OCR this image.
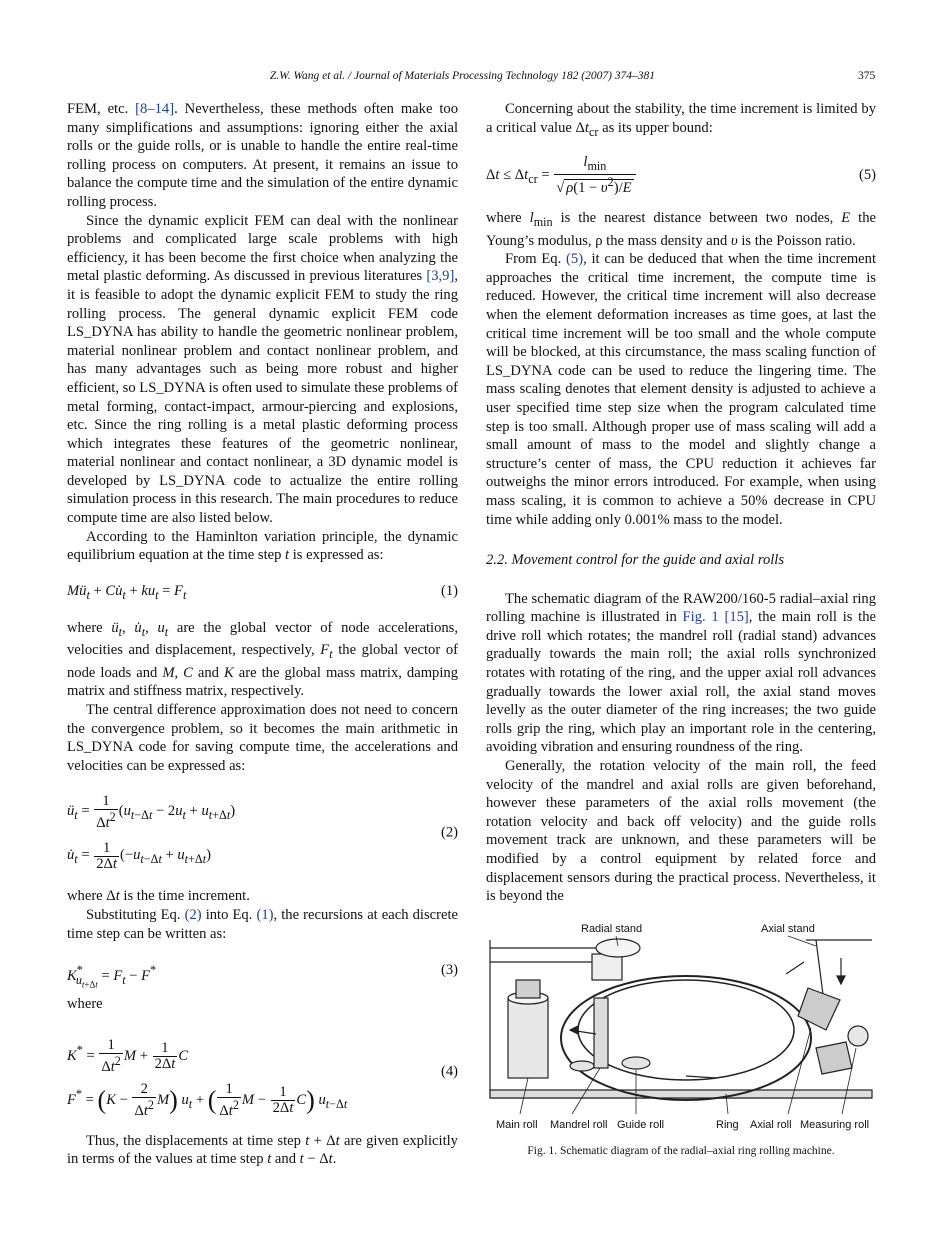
Z.W. Wang et al. / Journal of Materials Processing Technology 182 (2007) 374–381	375

FEM, etc. [8–14]. Nevertheless, these methods often make too many simplifications and assumptions: ignoring either the axial rolls or the guide rolls, or is unable to handle the entire real-time rolling process on computers. At present, it remains an issue to balance the compute time and the simulation of the entire dynamic rolling process.

Since the dynamic explicit FEM can deal with the nonlinear problems and complicated large scale problems with high efficiency, it has been become the first choice when analyzing the metal plastic deforming. As discussed in previous literatures [3,9], it is feasible to adopt the dynamic explicit FEM to study the ring rolling process. The general dynamic explicit FEM code LS_DYNA has ability to handle the geometric nonlinear problem, material nonlinear problem and contact nonlinear problem, and has many advantages such as being more robust and higher efficient, so LS_DYNA is often used to simulate these problems of metal forming, contact-impact, armour-piercing and explosions, etc. Since the ring rolling is a metal plastic deforming process which integrates these features of the geometric nonlinear, material nonlinear and contact nonlinear, a 3D dynamic model is developed by LS_DYNA code to actualize the entire rolling simulation process in this research. The main procedures to reduce compute time are also listed below.

According to the Haminlton variation principle, the dynamic equilibrium equation at the time step t is expressed as:

$Mü_t$ + $Cu̇_t + ku_t = F_t$	(1)

where $ü_t$, $u̇_t$, $u_t$ are the global vector of node accelerations, velocities and displacement, respectively, $F_t$ the global vector of node loads and M, C and K are the global mass matrix, damping matrix and stiffness matrix, respectively.

The central difference approximation does not need to concern the convergence problem, so it becomes the main arithmetic in LS_DYNA code for saving compute time, the accelerations and velocities can be expressed as:

$ü_t = \frac{1}{\Delta t^2} (u_{t-\Delta t} - 2u_t + u_{t+\Delta t})$
$u̇_t = \frac{1}{2\Delta t} (-u_{t-\Delta t} + u_{t+\Delta t})$
(2)

where Δt is the time increment.

Substituting Eq. (2) into Eq. (1), the recursions at each discrete time step can be written as:

$K^*_{u_{t+\Delta t}} = F_t - F^*$	(3)

where

$K^* = \frac{1}{\Delta t^2}$ $M + \frac{1}{2\Delta t}$ C
$F^* = (K - \frac{2}{\Delta t^2} M)$ $u_t$ + ( $\frac{1}{\Delta t^2}$ $M - \frac{1}{2\Delta t} C$) $u_{t-\Delta t}$
(4)

Thus, the displacements at time step t + Δt are given explicitly in terms of the values at time step t and t − Δt.

Concerning about the stability, the time increment is limited by a critical value $\Delta t_{cr}$ as its upper bound:

$\Delta t \le \Delta t_{cr} = \frac{l_{min}}{√ \rho(1 - \upsilon^2)/E}$	(5)

where $l_{min}$ is the nearest distance between two nodes, E the Young’s modulus, ρ the mass density and υ is the Poisson ratio.

From Eq. (5), it can be deduced that when the time increment approaches the critical time increment, the compute time is reduced. However, the critical time increment will also decrease when the element deformation increases as time goes, at last the critical time increment will be too small and the whole compute will be blocked, at this circumstance, the mass scaling function of LS_DYNA code can be used to reduce the lingering time. The mass scaling denotes that element density is adjusted to achieve a user specified time step size when the program calculated time step is too small. Although proper use of mass scaling will add a small amount of mass to the model and slightly change a structure’s center of mass, the CPU reduction it achieves far outweighs the minor errors introduced. For example, when using mass scaling, it is common to achieve a 50% decrease in CPU time while adding only 0.001% mass to the model.

2.2. Movement control for the guide and axial rolls

The schematic diagram of the RAW200/160-5 radial–axial ring rolling machine is illustrated in Fig. 1 [15], the main roll is the drive roll which rotates; the mandrel roll (radial stand) advances gradually towards the main roll; the axial rolls synchronized rotates with rotating of the ring, and the upper axial roll advances gradually towards the lower axial roll, the axial stand moves levelly as the outer diameter of the ring increases; the two guide rolls grip the ring, which play an important role in the centering, avoiding vibration and ensuring roundness of the ring.

Generally, the rotation velocity of the main roll, the feed velocity of the mandrel and axial rolls are given beforehand, however these parameters of the axial rolls movement (the rotation velocity and back off velocity) and the guide rolls movement track are unknown, and these parameters will be modified by a control equipment by related force and displacement sensors during the practical process. Nevertheless, it is beyond the

Radial stand	Axial stand
Main roll Mandrel roll Guide roll	Ring Axial roll Measuring roll
Fig. 1. Schematic diagram of the radial–axial ring rolling machine.
